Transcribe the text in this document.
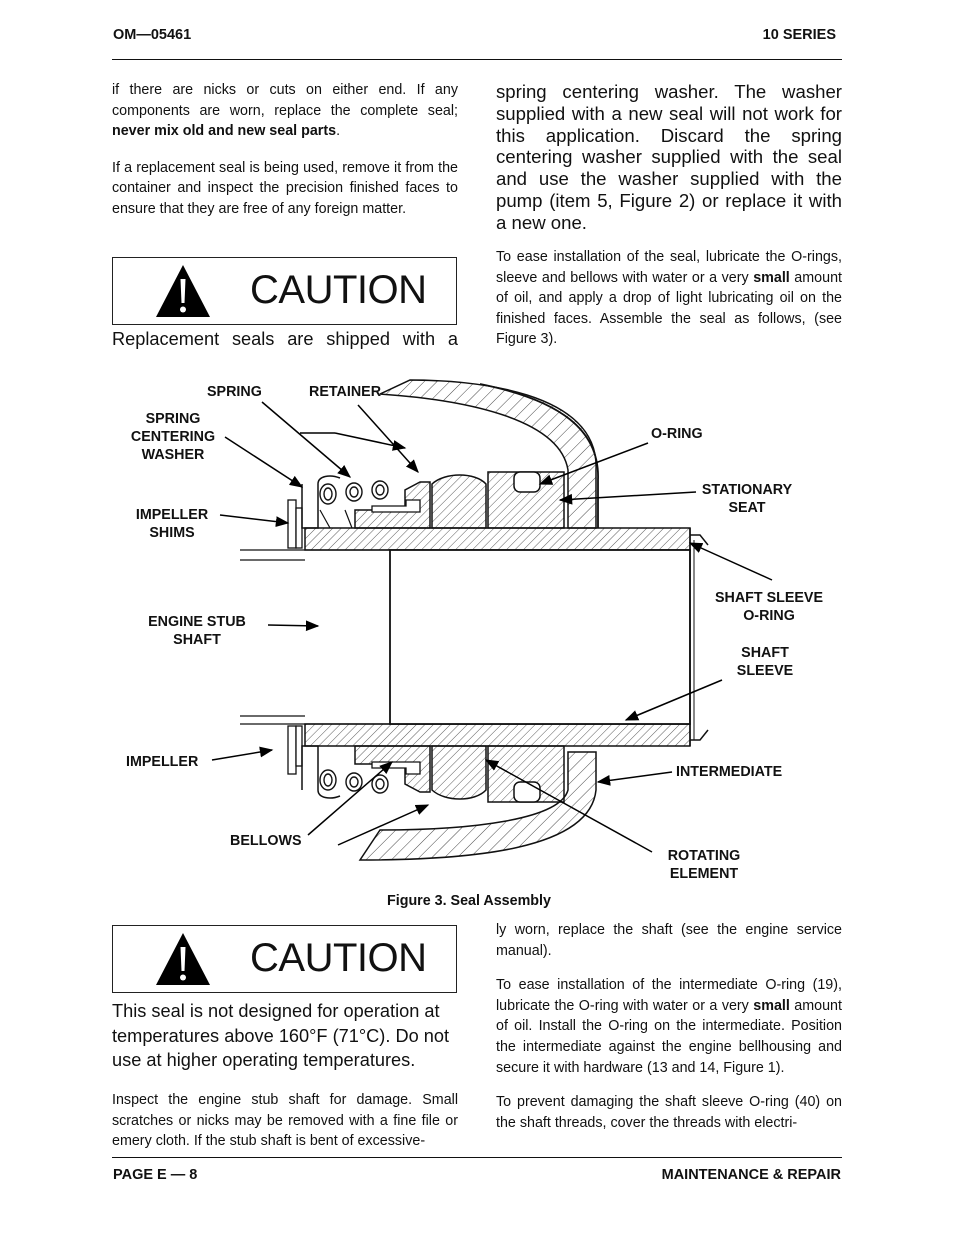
OM—05461	10 SERIES

if there are nicks or cuts on either end. If any components are worn, replace the complete seal; never mix old and new seal parts.

If a replacement seal is being used, remove it from the container and inspect the precision finished faces to ensure that they are free of any foreign matter.

CAUTION
Replacement seals are shipped with a
spring centering washer. The washer supplied with a new seal will not work for this application. Discard the spring centering washer supplied with the seal and use the washer supplied with the pump (item 5, Figure 2) or replace it with a new one.
To ease installation of the seal, lubricate the O-rings, sleeve and bellows with water or a very small amount of oil, and apply a drop of light lubricating oil on the finished faces. Assemble the seal as follows, (see Figure 3).
SPRING	RETAINER
SPRING
CENTERING
WASHER
O-RING
STATIONARY
SEAT
IMPELLER
SHIMS
ENGINE STUB
SHAFT
SHAFT SLEEVE
O-RING
SHAFT
SLEEVE
IMPELLER
INTERMEDIATE
BELLOWS
ROTATING
ELEMENT
Figure 3. Seal Assembly
CAUTION
This seal is not designed for operation at temperatures above 160°F (71°C). Do not use at higher operating temperatures.
Inspect the engine stub shaft for damage. Small scratches or nicks may be removed with a fine file or emery cloth. If the stub shaft is bent of excessive-

ly worn, replace the shaft (see the engine service manual).

To ease installation of the intermediate O-ring (19), lubricate the O-ring with water or a very small amount of oil. Install the O-ring on the intermediate. Position the intermediate against the engine bellhousing and secure it with hardware (13 and 14, Figure 1).

To prevent damaging the shaft sleeve O-ring (40) on the shaft threads, cover the threads with electri-

PAGE E — 8	MAINTENANCE & REPAIR
